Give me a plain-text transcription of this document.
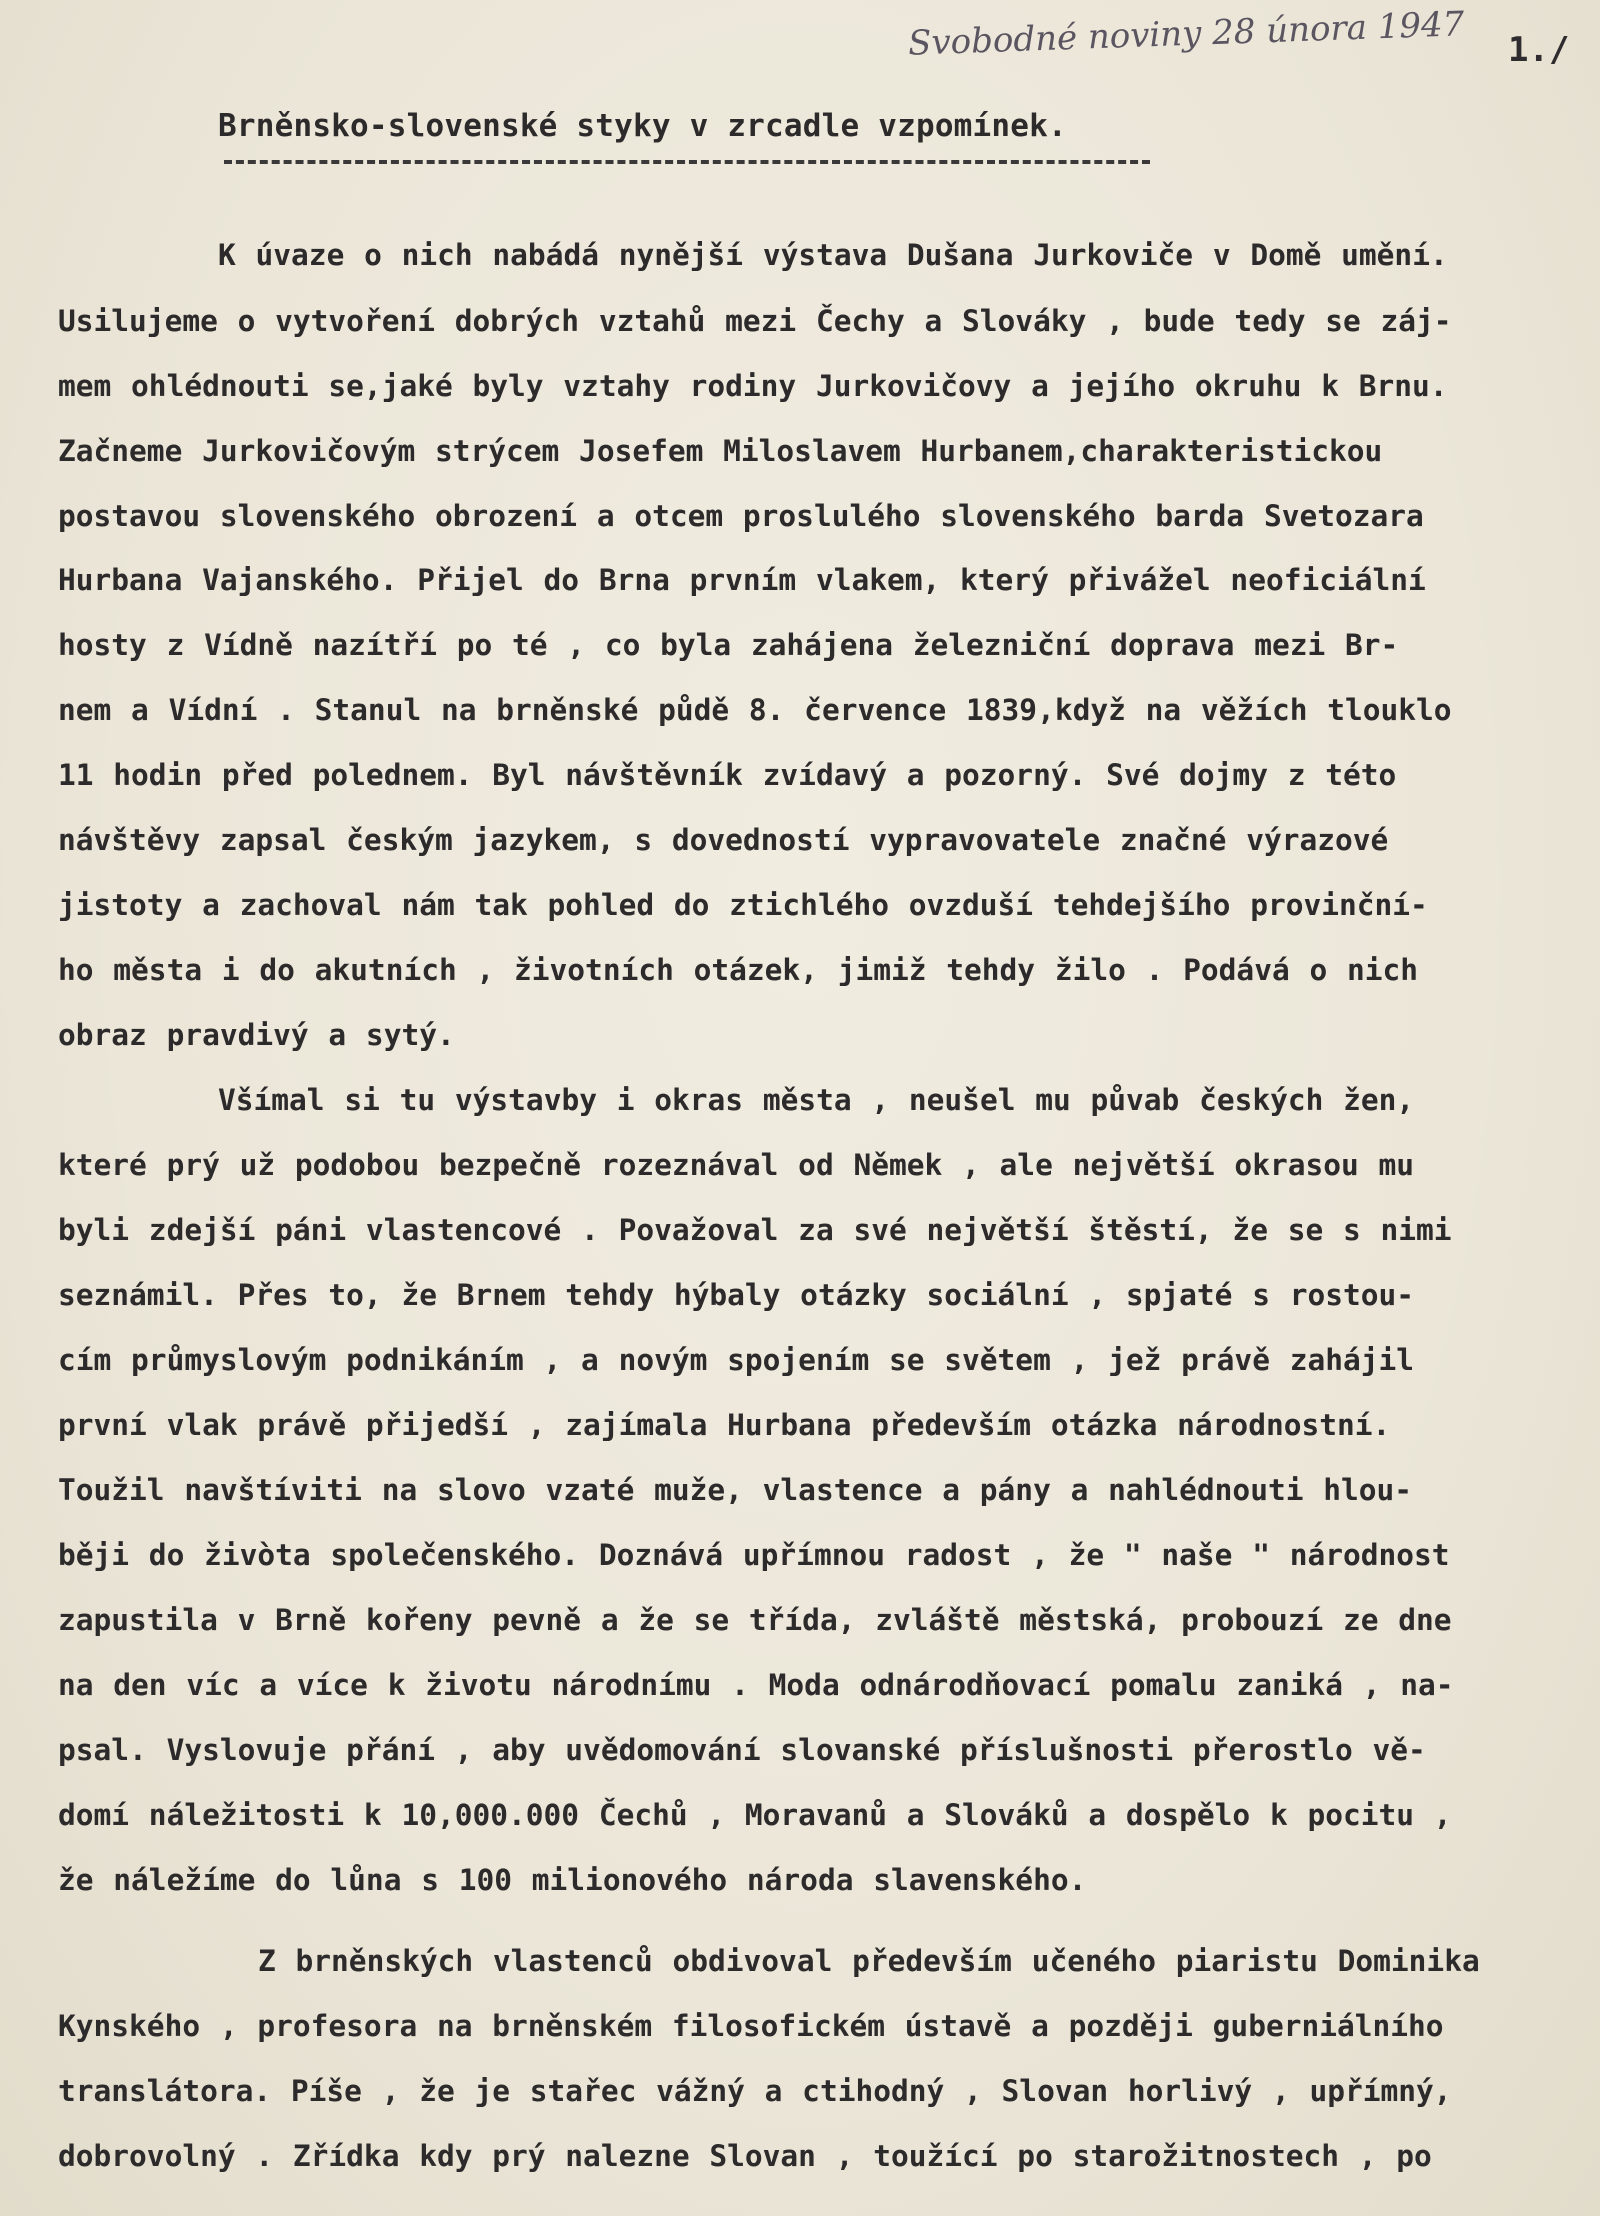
Svobodné noviny 28 února 1947 1./
Brněnsko-slovenské styky v zrcadle vzpomínek.
K úvaze o nich nabádá nynější výstava Dušana Jurkoviče v Domě umění.
Usilujeme o vytvoření dobrých vztahů mezi Čechy a Slováky , bude tedy se záj-
mem ohlédnouti se,jaké byly vztahy rodiny Jurkovičovy a jejího okruhu k Brnu.
Začneme Jurkovičovým strýcem Josefem Miloslavem Hurbanem,charakteristickou
postavou slovenského obrození a otcem proslulého slovenského barda Svetozara
Hurbana Vajanského. Přijel do Brna prvním vlakem, který přivážel neoficiální
hosty z Vídně nazítří po té , co byla zahájena železniční doprava mezi Br-
nem a Vídní . Stanul na brněnské půdě 8. července 1839,když na věžích tlouklo
11 hodin před polednem. Byl návštěvník zvídavý a pozorný. Své dojmy z této
návštěvy zapsal českým jazykem, s dovedností vypravovatele značné výrazové
jistoty a zachoval nám tak pohled do ztichlého ovzduší tehdejšího provinční-
ho města i do akutních , životních otázek, jimiž tehdy žilo . Podává o nich
obraz pravdivý a sytý.
Všímal si tu výstavby i okras města , neušel mu půvab českých žen,
které prý už podobou bezpečně rozeznával od Němek , ale největší okrasou mu
byli zdejší páni vlastencové . Považoval za své největší štěstí, že se s nimi
seznámil. Přes to, že Brnem tehdy hýbaly otázky sociální , spjaté s rostou-
cím průmyslovým podnikáním , a novým spojením se světem , jež právě zahájil
první vlak právě přijedší , zajímala Hurbana především otázka národnostní.
Toužil navštíviti na slovo vzaté muže, vlastence a pány a nahlédnouti hlou-
běji do živòta společenského. Doznává upřímnou radost , že " naše " národnost
zapustila v Brně kořeny pevně a že se třída, zvláště městská, probouzí ze dne
na den víc a více k životu národnímu . Moda odnárodňovací pomalu zaniká , na-
psal. Vyslovuje přání , aby uvědomování slovanské příslušnosti přerostlo vě-
domí náležitosti k 10,000.000 Čechů , Moravanů a Slováků a dospělo k pocitu ,
že náležíme do lůna s 100 milionového národa slavenského.
Z brněnských vlastenců obdivoval především učeného piaristu Dominika
Kynského , profesora na brněnském filosofickém ústavě a později guberniálního
translátora. Píše , že je stařec vážný a ctihodný , Slovan horlivý , upřímný,
dobrovolný . Zřídka kdy prý nalezne Slovan , toužící po starožitnostech , po
